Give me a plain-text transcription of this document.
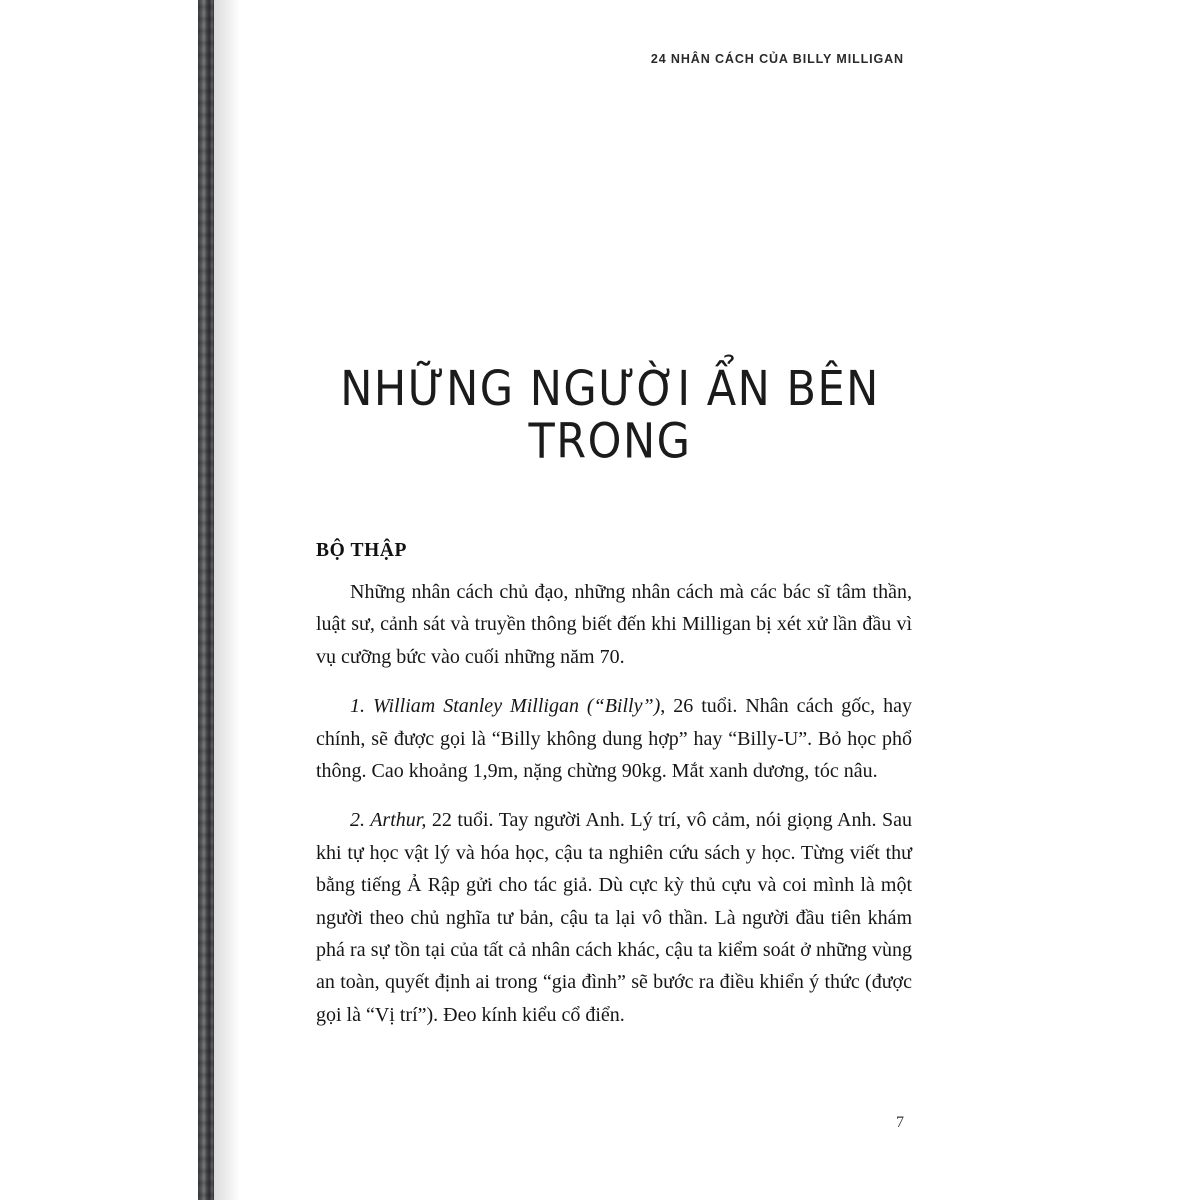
24 NHÂN CÁCH CỦA BILLY MILLIGAN
NHỮNG NGƯỜI ẨN BÊN TRONG
BỘ THẬP

Những nhân cách chủ đạo, những nhân cách mà các bác sĩ tâm thần, luật sư, cảnh sát và truyền thông biết đến khi Milligan bị xét xử lần đầu vì vụ cưỡng bức vào cuối những năm 70.

1. William Stanley Milligan (“Billy”), 26 tuổi. Nhân cách gốc, hay chính, sẽ được gọi là “Billy không dung hợp” hay “Billy-U”. Bỏ học phổ thông. Cao khoảng 1,9m, nặng chừng 90kg. Mắt xanh dương, tóc nâu.

2. Arthur, 22 tuổi. Tay người Anh. Lý trí, vô cảm, nói giọng Anh. Sau khi tự học vật lý và hóa học, cậu ta nghiên cứu sách y học. Từng viết thư bằng tiếng Ả Rập gửi cho tác giả. Dù cực kỳ thủ cựu và coi mình là một người theo chủ nghĩa tư bản, cậu ta lại vô thần. Là người đầu tiên khám phá ra sự tồn tại của tất cả nhân cách khác, cậu ta kiểm soát ở những vùng an toàn, quyết định ai trong “gia đình” sẽ bước ra điều khiển ý thức (được gọi là “Vị trí”). Đeo kính kiểu cổ điển.

7
